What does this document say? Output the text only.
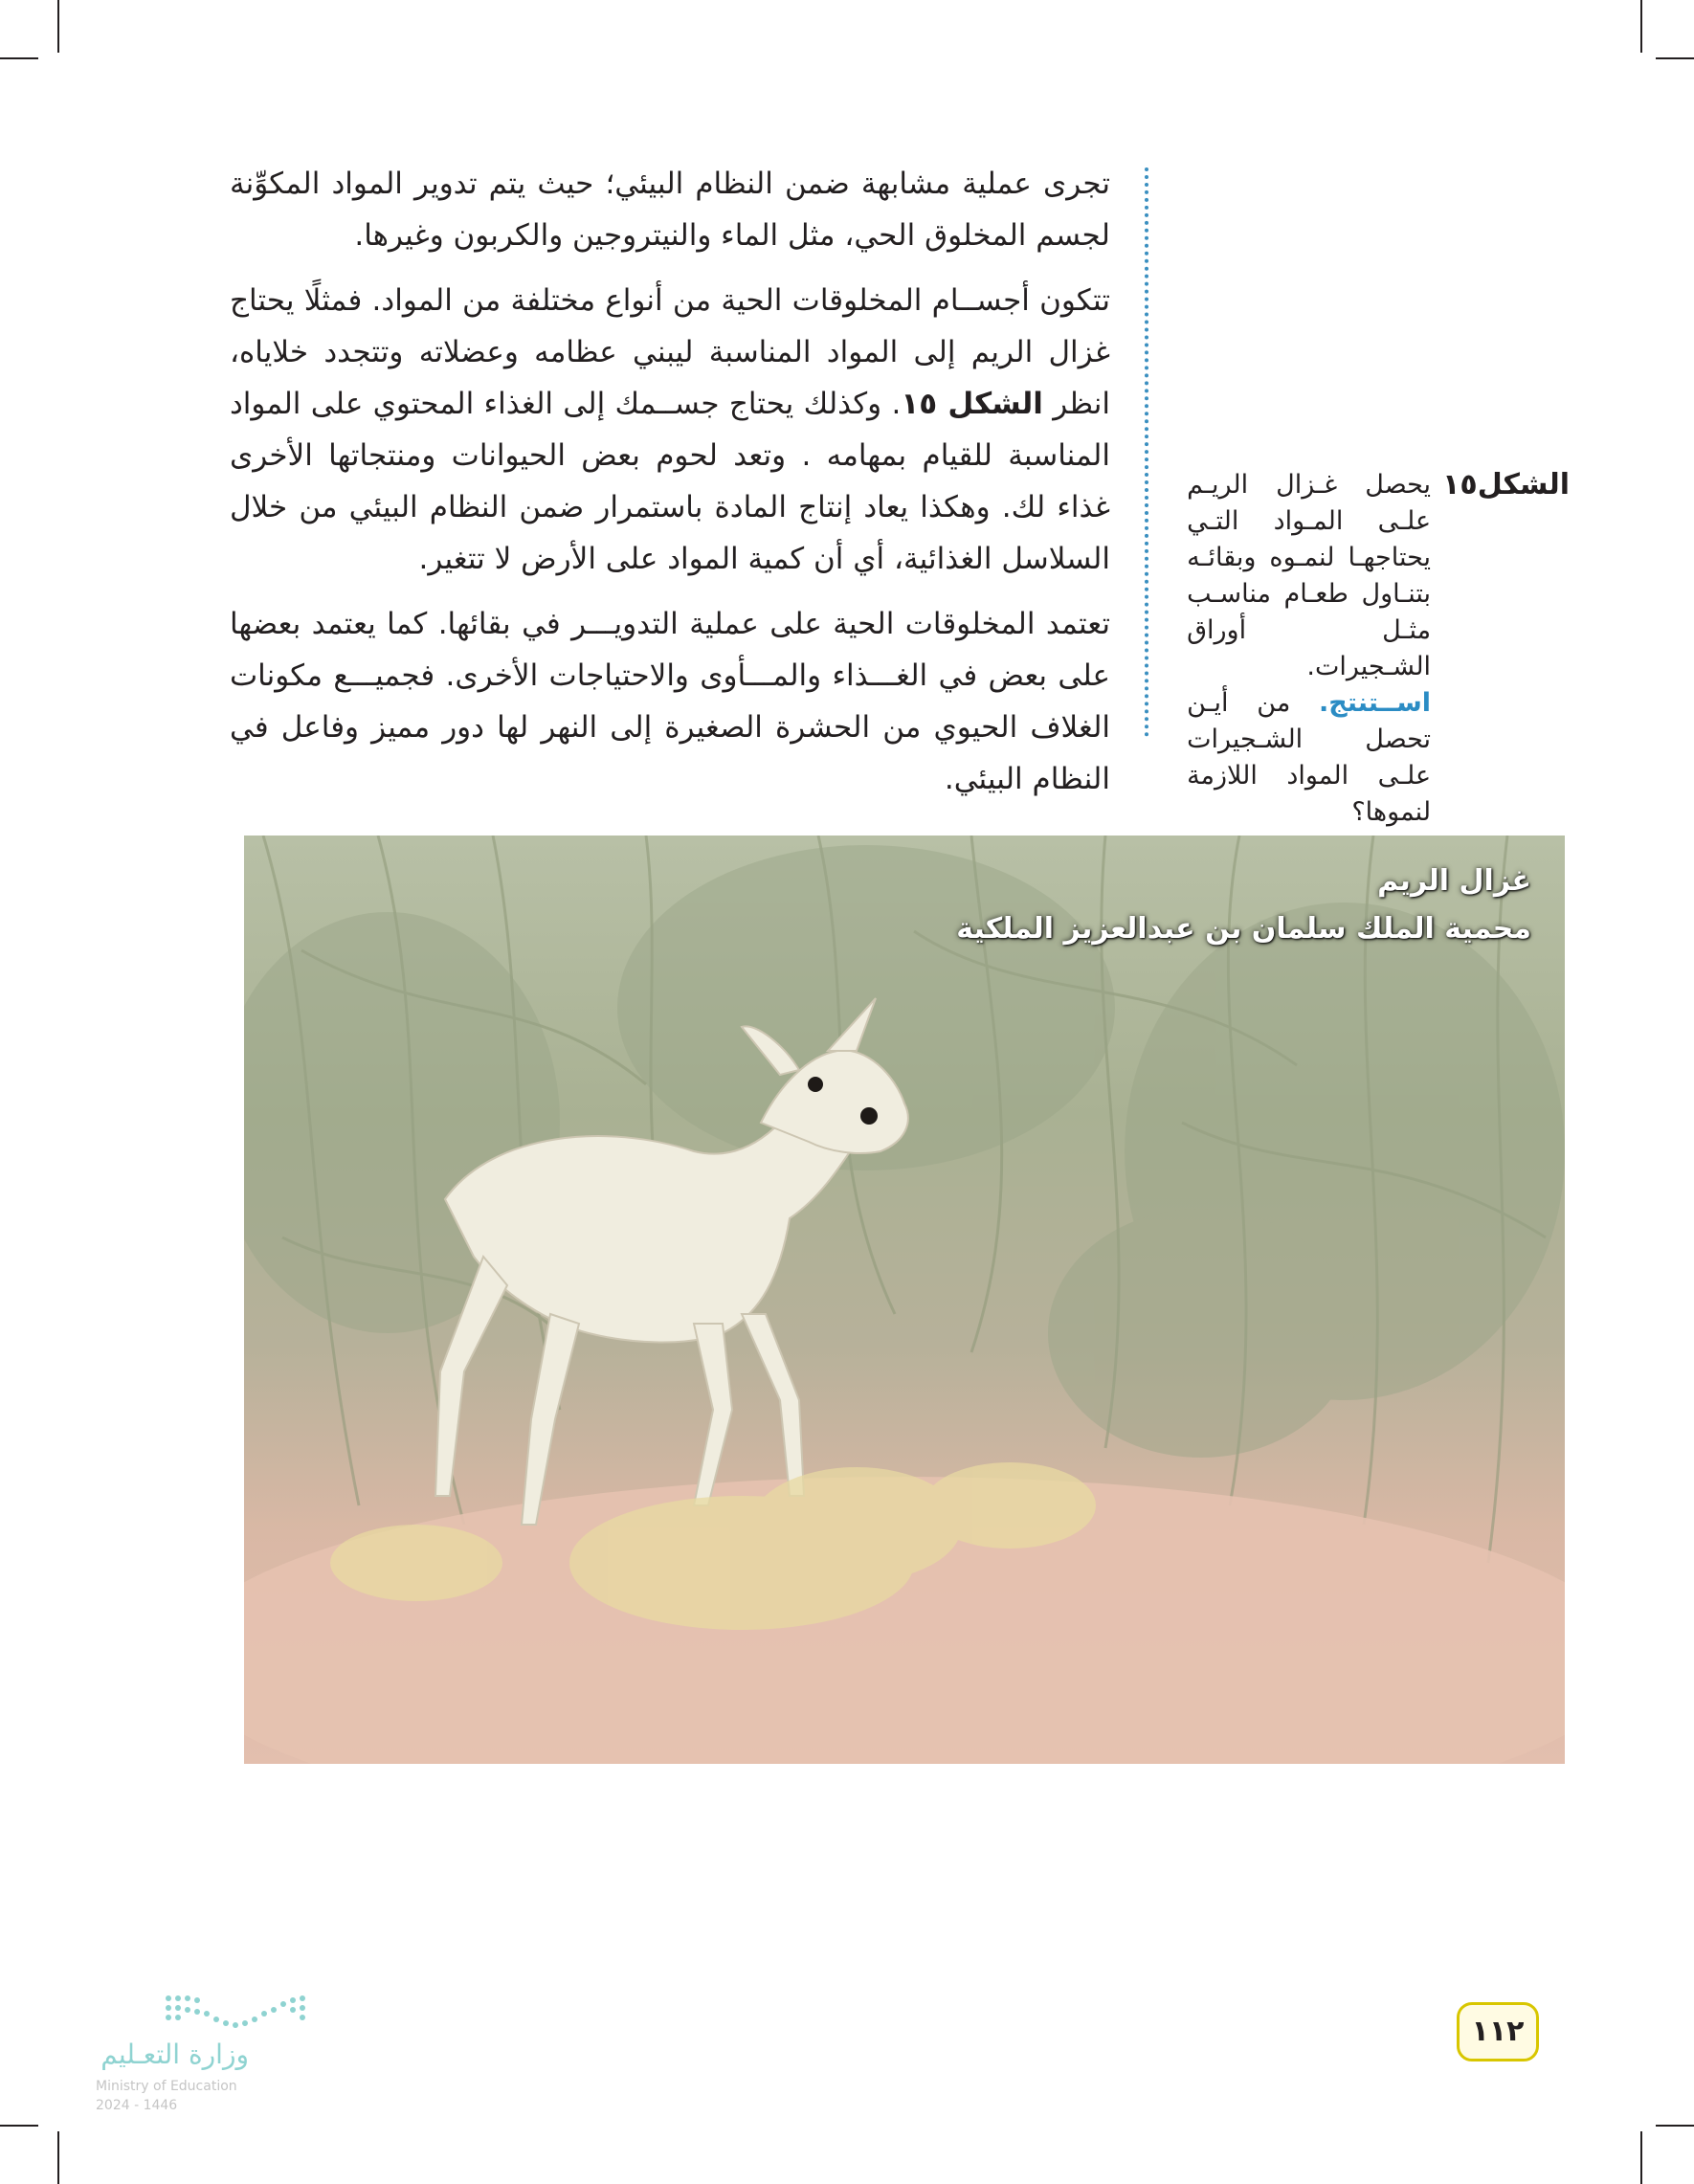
تجرى عملية مشابهة ضمن النظام البيئي؛ حيث يتم تدوير المواد المكوِّنة لجسم المخلوق الحي، مثل الماء والنيتروجين والكربون وغيرها.

تتكون أجســام المخلوقات الحية من أنواع مختلفة من المواد. فمثلًا يحتاج غزال الريم إلى المواد المناسبة ليبني عظامه وعضلاته وتتجدد خلاياه، انظر الشكل ١٥. وكذلك يحتاج جســمك إلى الغذاء المحتوي على المواد المناسبة للقيام بمهامه . وتعد لحوم بعض الحيوانات ومنتجاتها الأخرى غذاء لك. وهكذا يعاد إنتاج المادة باستمرار ضمن النظام البيئي من خلال السلاسل الغذائية، أي أن كمية المواد على الأرض لا تتغير.

تعتمد المخلوقات الحية على عملية التدويـــر في بقائها. كما يعتمد بعضها على بعض في الغـــذاء والمـــأوى والاحتياجات الأخرى. فجميـــع مكونات الغلاف الحيوي من الحشرة الصغيرة إلى النهر لها دور مميز وفاعل في النظام البيئي.

الشكل١٥يحصل غـزال الريـم علـى المـواد التـي يحتاجهـا لنمـوه وبقائـه بتنـاول طعـام مناسـب مثـل أوراق الشـجيرات.
اســتنتج. من أيـن تحصل الشـجيرات علـى المواد اللازمة لنموها؟
غزال الريم
محمية الملك سلمان بن عبدالعزيز الملكية
١١٢
وزارة التعـليم
Ministry of Education
2024 - 1446
